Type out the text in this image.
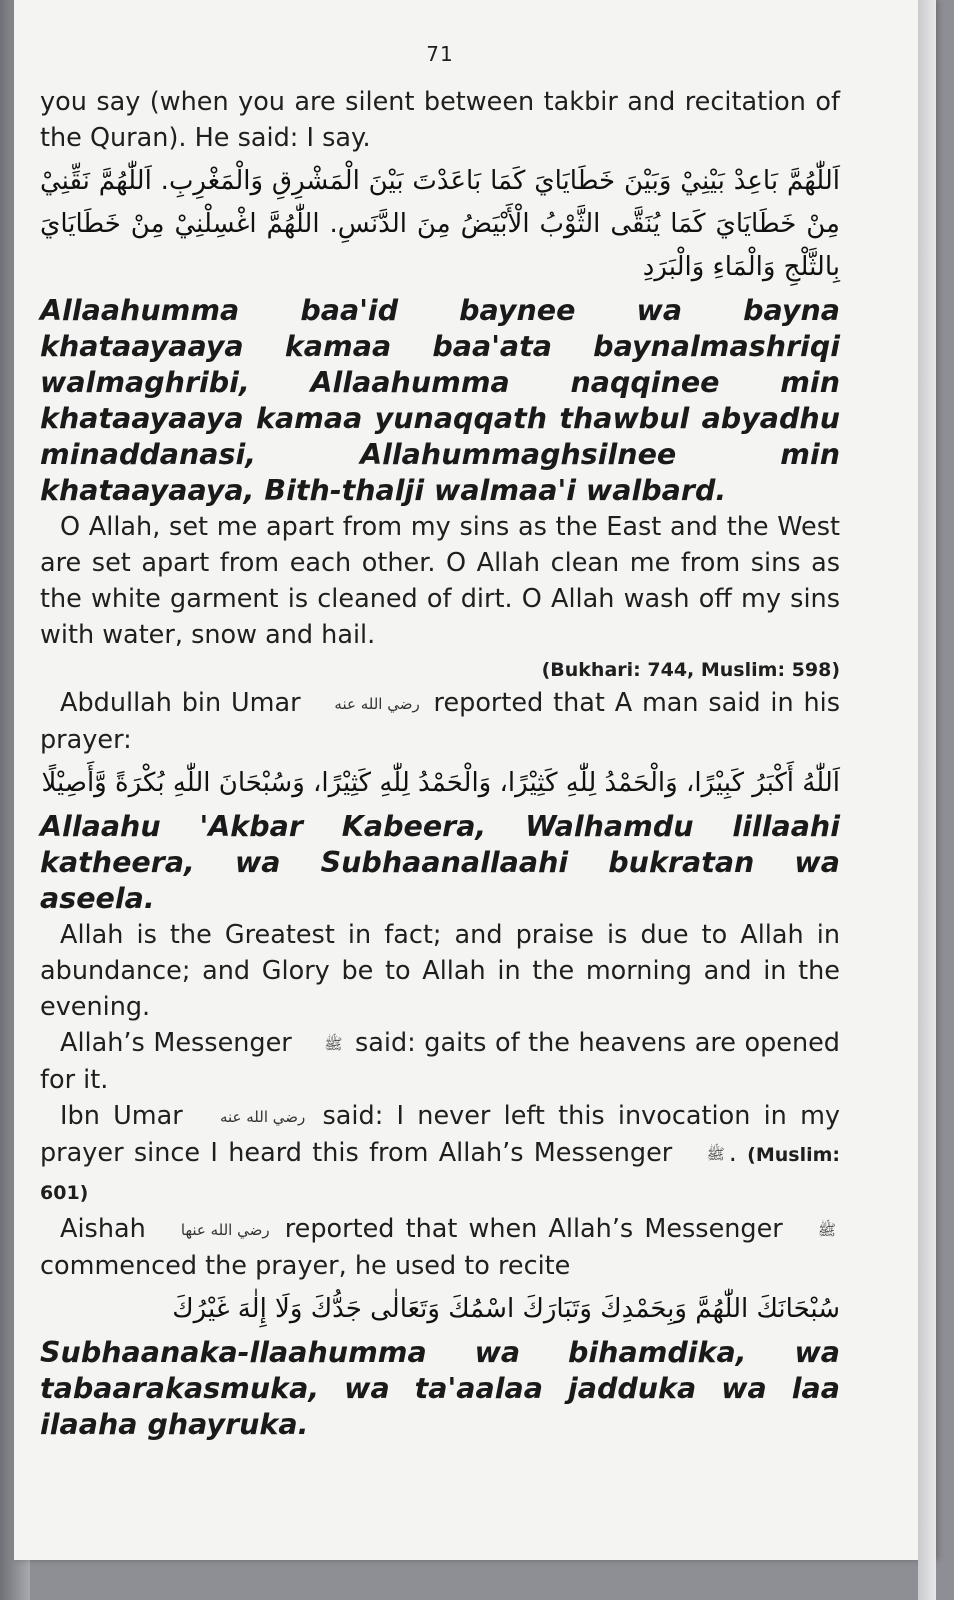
71

you say (when you are silent between takbir and recitation of the Quran). He said: I say.

اَللّٰهُمَّ بَاعِدْ بَيْنِيْ وَبَيْنَ خَطَايَايَ كَمَا بَاعَدْتَ بَيْنَ الْمَشْرِقِ وَالْمَغْرِبِ. اَللّٰهُمَّ نَقِّنِيْ مِنْ خَطَايَايَ كَمَا يُنَقَّى الثَّوْبُ الْأَبْيَضُ مِنَ الدَّنَسِ. اللّٰهُمَّ اغْسِلْنِيْ مِنْ خَطَايَايَ بِالثَّلْجِ وَالْمَاءِ وَالْبَرَدِ

Allaahumma baa'id baynee wa bayna khataayaaya kamaa baa'ata baynalmashriqi walmaghribi, Allaahumma naqqinee min khataayaaya kamaa yunaqqath thawbul abyadhu minaddanasi, Allahummaghsilnee min

khataayaaya, Bith-thalji walmaa'i walbard.

O Allah, set me apart from my sins as the East and the West are set apart from each other. O Allah clean me from sins as the white garment is cleaned of dirt. O Allah wash off my sins with water, snow and hail.

(Bukhari: 744, Muslim: 598)

Abdullah bin Umar رضي الله عنه reported that A man said in his prayer:

اَللّٰهُ أَكْبَرُ كَبِيْرًا، وَالْحَمْدُ لِلّٰهِ كَثِيْرًا، وَالْحَمْدُ لِلّٰهِ كَثِيْرًا، وَسُبْحَانَ اللّٰهِ بُكْرَةً وَّأَصِيْلًا

Allaahu 'Akbar Kabeera, Walhamdu lillaahi katheera, wa Subhaanallaahi bukratan wa aseela.

Allah is the Greatest in fact; and praise is due to Allah in abundance; and Glory be to Allah in the morning and in the evening.

Allah’s Messenger ﷺ said: gaits of the heavens are opened for it.

Ibn Umar رضي الله عنه said: I never left this invocation in my prayer since I heard this from Allah’s Messenger ﷺ . (Muslim: 601)

Aishah رضي الله عنها reported that when Allah’s Messenger ﷺ commenced the prayer, he used to recite

سُبْحَانَكَ اللّٰهُمَّ وَبِحَمْدِكَ وَتَبَارَكَ اسْمُكَ وَتَعَالٰى جَدُّكَ وَلَا إِلٰهَ غَيْرُكَ

Subhaanaka-llaahumma wa bihamdika, wa tabaarakasmuka, wa ta'aalaa jadduka wa laa ilaaha ghayruka.
